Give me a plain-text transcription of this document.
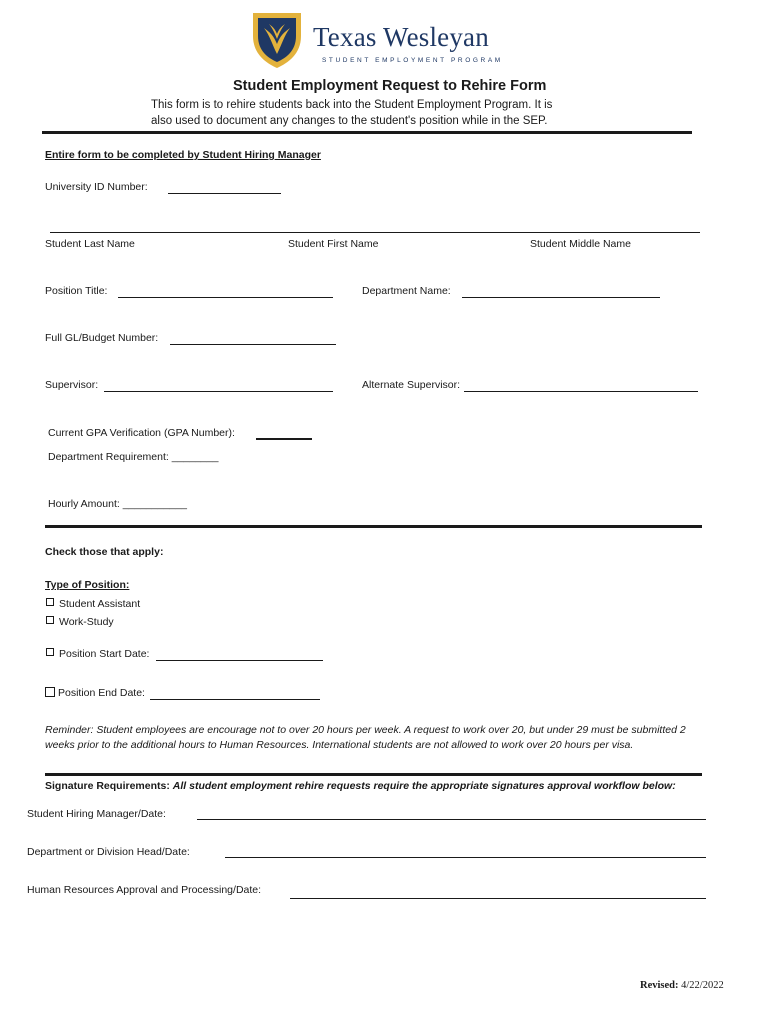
Texas Wesleyan
STUDENT EMPLOYMENT PROGRAM
Student Employment Request to Rehire Form
This form is to rehire students back into the Student Employment Program. It is
also used to document any changes to the student's position while in the SEP.
Entire form to be completed by Student Hiring Manager
University ID Number:
Student Last Name	Student First Name	Student Middle Name
Position Title:	Department Name:
Full GL/Budget Number:
Supervisor:	Alternate Supervisor:
Current GPA Verification (GPA Number):
Department Requirement: ________
Hourly Amount: ___________
Check those that apply:
Type of Position:
Student Assistant
Work-Study
Position Start Date:
Position End Date:
Reminder: Student employees are encourage not to over 20 hours per week. A request to work over 20, but under 29 must be submitted 2 weeks prior to the additional hours to Human Resources. International students are not allowed to work over 20 hours per visa.
Signature Requirements: All student employment rehire requests require the appropriate signatures approval workflow below:
Student Hiring Manager/Date:
Department or Division Head/Date:
Human Resources Approval and Processing/Date:
Revised: 4/22/2022
